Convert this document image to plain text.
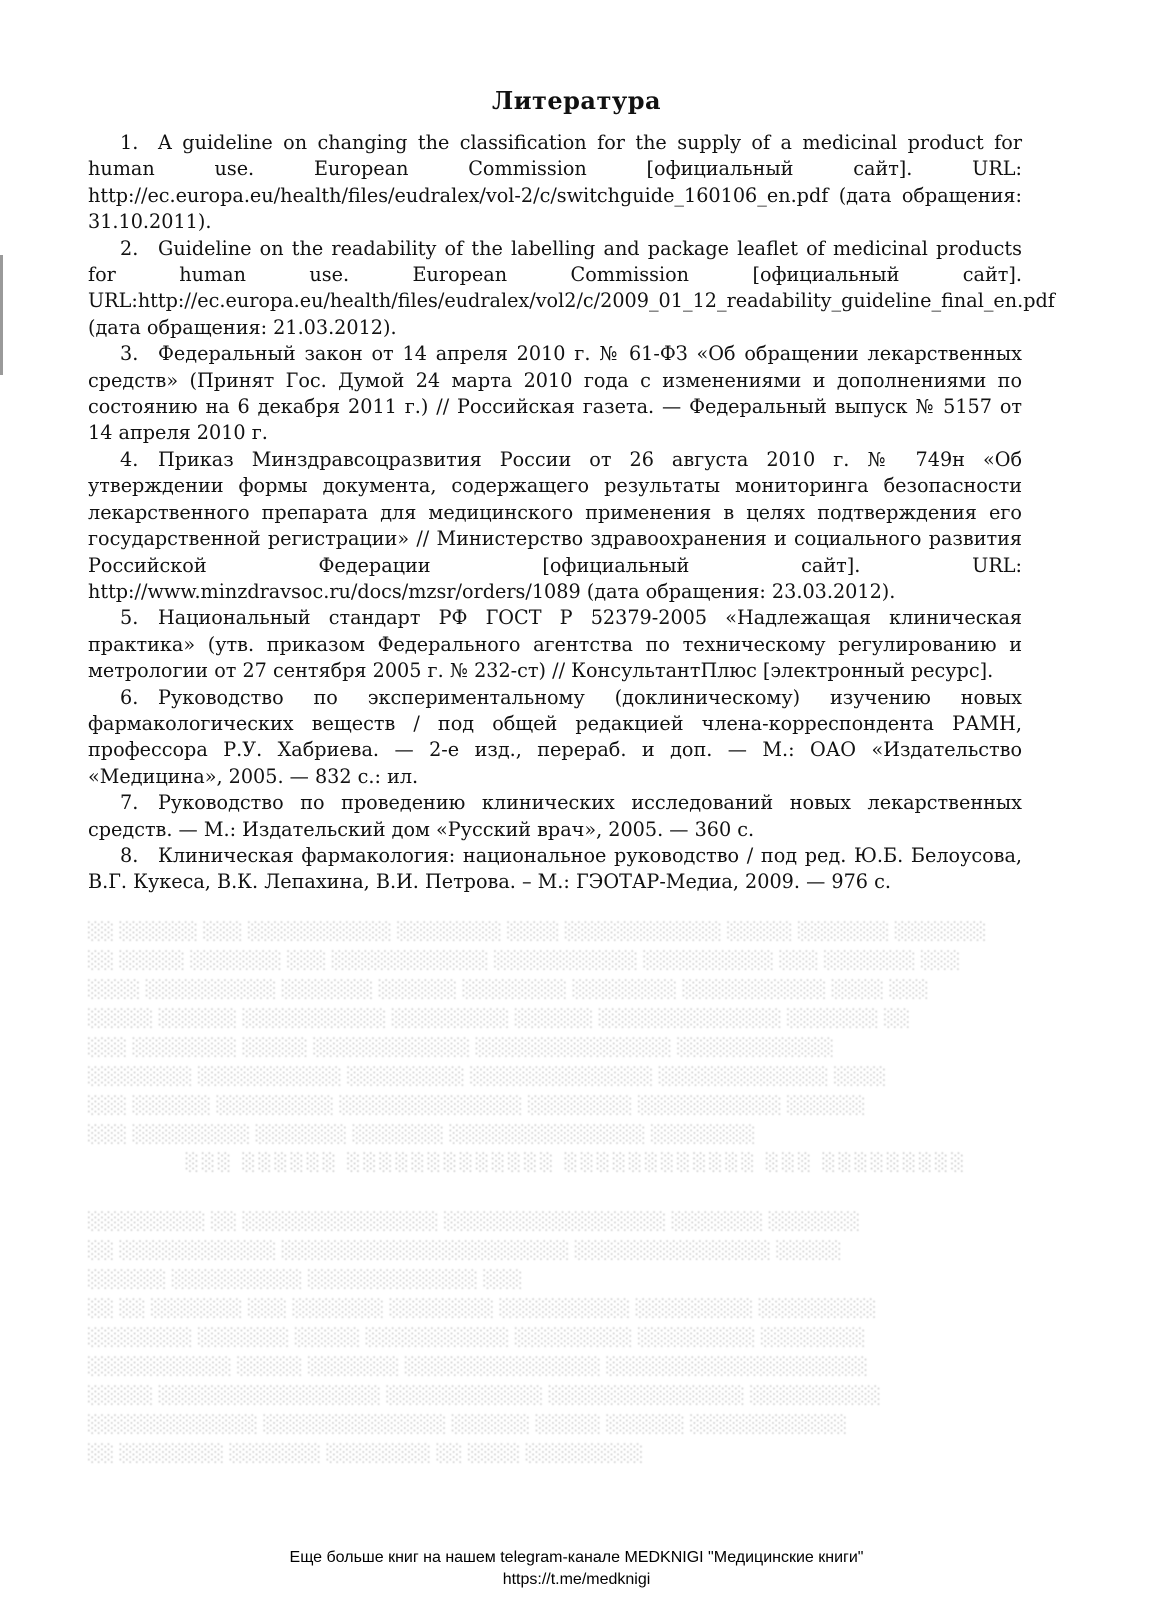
Литература

1. A guideline on changing the classification for the supply of a medicinal product for human use. European Commission [официальный сайт]. URL: http://ec.europa.eu/health/files/eudralex/vol-2/c/switchguide_160106_en.pdf (дата обращения: 31.10.2011).

2. Guideline on the readability of the labelling and package leaflet of medicinal products for human use. European Commission [официальный сайт]. URL:http://ec.europa.eu/health/files/eudralex/vol2/c/2009_01_12_readability_guideline_final_en.pdf (дата обращения: 21.03.2012).

3. Федеральный закон от 14 апреля 2010 г. № 61-ФЗ «Об обращении лекарственных средств» (Принят Гос. Думой 24 марта 2010 года с изменениями и дополнениями по состоянию на 6 декабря 2011 г.) // Российская газета. — Федеральный выпуск № 5157 от 14 апреля 2010 г.

4. Приказ Минздравсоцразвития России от 26 августа 2010 г. № 749н «Об утверждении формы документа, содержащего результаты мониторинга безопасности лекарственного препарата для медицинского применения в целях подтверждения его государственной регистрации» // Министерство здравоохранения и социального развития Российской Федерации [официальный сайт]. URL: http://www.minzdravsoc.ru/docs/mzsr/orders/1089 (дата обращения: 23.03.2012).

5. Национальный стандарт РФ ГОСТ Р 52379-2005 «Надлежащая клиническая практика» (утв. приказом Федерального агентства по техническому регулированию и метрологии от 27 сентября 2005 г. № 232-ст) // КонсультантПлюс [электронный ресурс].

6. Руководство по экспериментальному (доклиническому) изучению новых фармакологических веществ / под общей редакцией члена-корреспондента РАМН, профессора Р.У. Хабриева. — 2-е изд., перераб. и доп. — М.: ОАО «Издательство «Медицина», 2005. — 832 с.: ил.

7. Руководство по проведению клинических исследований новых лекарственных средств. — М.: Издательский дом «Русский врач», 2005. — 360 с.

8. Клиническая фармакология: национальное руководство / под ред. Ю.Б. Белоусова, В.Г. Кукеса, В.К. Лепахина, В.И. Петрова. – М.: ГЭОТАР-Медиа, 2009. — 976 с.

░░ ░░░░░░ ░░░ ░░░░░░░░░░░ ░░░░░░░░ ░░░░ ░░░░░░░░░░░░ ░░░░░ ░░░░░░░ ░░░░░░░
░░ ░░░░░ ░░░░░░░ ░░░ ░░░░░░░░░░░░ ░░░░░░░░░░░ ░░░░░░░░░░ ░░░ ░░░░░░░ ░░░
░░░░ ░░░░░░░░░░ ░░░░░░░ ░░░░░░ ░░░░░░░░ ░░░░░░░░ ░░░░░░░░░░░ ░░░░ ░░░
░░░░░ ░░░░░░ ░░░░░░░░░░░ ░░░░░░░░░ ░░░░░░ ░░░░░░░░░░░░░░ ░░░░░░░ ░░
░░░ ░░░░░░░░ ░░░░░ ░░░░░░░░░░░░ ░░░░░░░░░░░░░░░ ░░░░░░░░░░░░
░░░░░░░░ ░░░░░░░░░░░ ░░░░░░░░░ ░░░░░░░░░░░░░░ ░░░░░░░░░░░░░ ░░░░
░░░ ░░░░░░ ░░░░░░░░░ ░░░░░░░░░░░░░░ ░░░░░░░░ ░░░░░░░░░░░ ░░░░░░
░░░ ░░░░░░░░░ ░░░░░░░ ░░░░░░░ ░░░░░░░░░░░░░░░ ░░░░░░░░
░░░ ░░░░░░ ░░░░░░░░░░░░░ ░░░░░░░░░░░░ ░░░ ░░░░░░░░░
░░░░░░░░░ ░░ ░░░░░░░░░░░░░░░ ░░░░░░░░░░░░░░░░░ ░░░░░░░ ░░░░░░░
░░ ░░░░░░░░░░░░ ░░░░░░░░░░░░░░░░░░░░░░ ░░░░░░░░░░░░░░░ ░░░░░
░░░░░░ ░░░░░░░░░░ ░░░░░░░░░░░░░ ░░░
░░ ░░ ░░░░░░░ ░░░ ░░░░░░░ ░░░░░░░░ ░░░░░░░░░░ ░░░░░░░░░ ░░░░░░░░░
░░░░░░░░ ░░░░░░░ ░░░░░ ░░░░░░░░░░░ ░░░░░░░░░ ░░░░░░░░░ ░░░░░░░░
░░░░░░░░░░░ ░░░░░ ░░░░░░░ ░░░░░░░░░░░░░░░ ░░░░░░░░░░░░░░░░░░░░
░░░░░ ░░░░░░░░░░░░░░░░░ ░░░░░░░░░░░░ ░░░░░░░░░░░░░░░ ░░░░░░░░░░
░░░░░░░░░░░░░ ░░░░░░░░░░░░░░ ░░░░░░ ░░░░░ ░░░░░░ ░░░░░░░░░░░░
░░ ░░░░░░░░ ░░░░░░░ ░░░░░░░░ ░░ ░░░░ ░░░░░░░░░
Еще больше книг на нашем telegram-канале MEDKNIGI "Медицинские книги"
https://t.me/medknigi
